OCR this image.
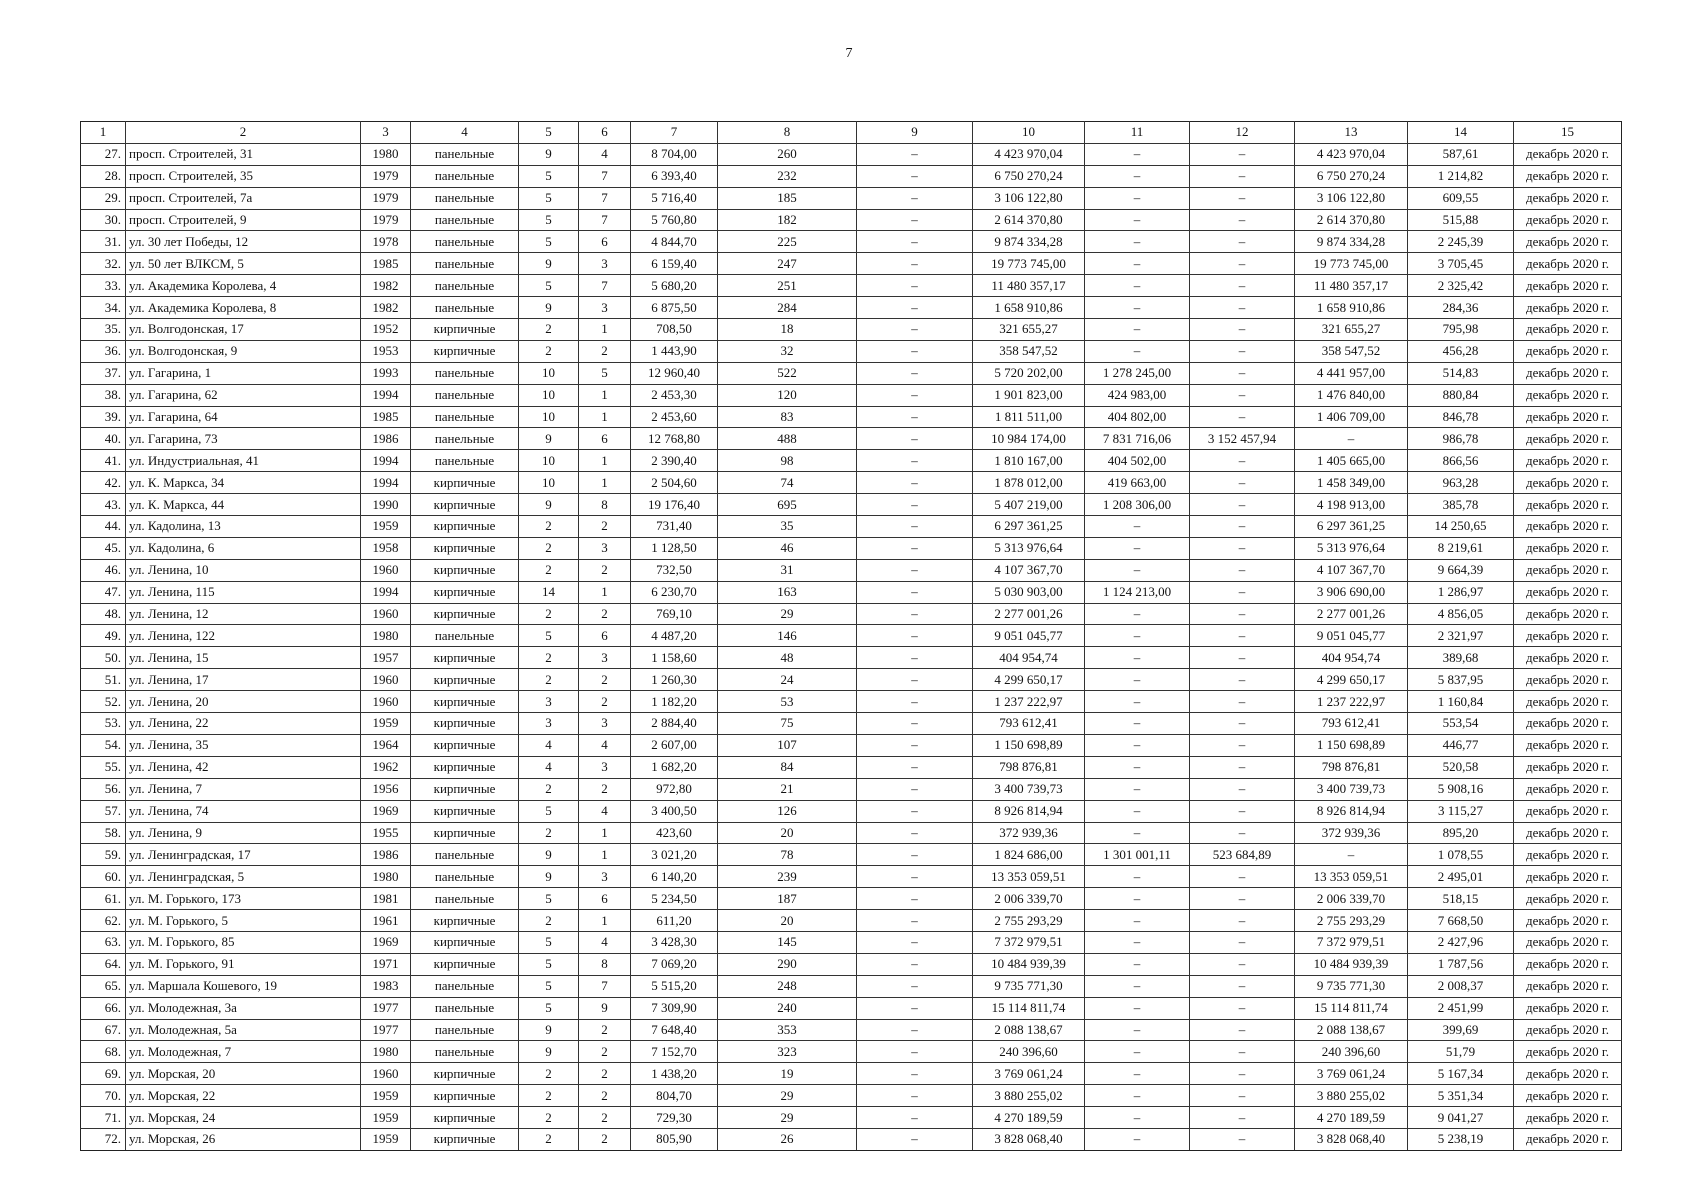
7
1	2	3	4	5	6	7	8	9	10	11	12	13	14	15
27.	просп. Строителей, 31	1980	панельные	9	4	8 704,00	260	–	4 423 970,04	–	–	4 423 970,04	587,61	декабрь 2020 г.
28.	просп. Строителей, 35	1979	панельные	5	7	6 393,40	232	–	6 750 270,24	–	–	6 750 270,24	1 214,82	декабрь 2020 г.
29.	просп. Строителей, 7а	1979	панельные	5	7	5 716,40	185	–	3 106 122,80	–	–	3 106 122,80	609,55	декабрь 2020 г.
30.	просп. Строителей, 9	1979	панельные	5	7	5 760,80	182	–	2 614 370,80	–	–	2 614 370,80	515,88	декабрь 2020 г.
31.	ул. 30 лет Победы, 12	1978	панельные	5	6	4 844,70	225	–	9 874 334,28	–	–	9 874 334,28	2 245,39	декабрь 2020 г.
32.	ул. 50 лет ВЛКСМ, 5	1985	панельные	9	3	6 159,40	247	–	19 773 745,00	–	–	19 773 745,00	3 705,45	декабрь 2020 г.
33.	ул. Академика Королева, 4	1982	панельные	5	7	5 680,20	251	–	11 480 357,17	–	–	11 480 357,17	2 325,42	декабрь 2020 г.
34.	ул. Академика Королева, 8	1982	панельные	9	3	6 875,50	284	–	1 658 910,86	–	–	1 658 910,86	284,36	декабрь 2020 г.
35.	ул. Волгодонская, 17	1952	кирпичные	2	1	708,50	18	–	321 655,27	–	–	321 655,27	795,98	декабрь 2020 г.
36.	ул. Волгодонская, 9	1953	кирпичные	2	2	1 443,90	32	–	358 547,52	–	–	358 547,52	456,28	декабрь 2020 г.
37.	ул. Гагарина, 1	1993	панельные	10	5	12 960,40	522	–	5 720 202,00	1 278 245,00	–	4 441 957,00	514,83	декабрь 2020 г.
38.	ул. Гагарина, 62	1994	панельные	10	1	2 453,30	120	–	1 901 823,00	424 983,00	–	1 476 840,00	880,84	декабрь 2020 г.
39.	ул. Гагарина, 64	1985	панельные	10	1	2 453,60	83	–	1 811 511,00	404 802,00	–	1 406 709,00	846,78	декабрь 2020 г.
40.	ул. Гагарина, 73	1986	панельные	9	6	12 768,80	488	–	10 984 174,00	7 831 716,06	3 152 457,94	–	986,78	декабрь 2020 г.
41.	ул. Индустриальная, 41	1994	панельные	10	1	2 390,40	98	–	1 810 167,00	404 502,00	–	1 405 665,00	866,56	декабрь 2020 г.
42.	ул. К. Маркса, 34	1994	кирпичные	10	1	2 504,60	74	–	1 878 012,00	419 663,00	–	1 458 349,00	963,28	декабрь 2020 г.
43.	ул. К. Маркса, 44	1990	кирпичные	9	8	19 176,40	695	–	5 407 219,00	1 208 306,00	–	4 198 913,00	385,78	декабрь 2020 г.
44.	ул. Кадолина, 13	1959	кирпичные	2	2	731,40	35	–	6 297 361,25	–	–	6 297 361,25	14 250,65	декабрь 2020 г.
45.	ул. Кадолина, 6	1958	кирпичные	2	3	1 128,50	46	–	5 313 976,64	–	–	5 313 976,64	8 219,61	декабрь 2020 г.
46.	ул. Ленина, 10	1960	кирпичные	2	2	732,50	31	–	4 107 367,70	–	–	4 107 367,70	9 664,39	декабрь 2020 г.
47.	ул. Ленина, 115	1994	кирпичные	14	1	6 230,70	163	–	5 030 903,00	1 124 213,00	–	3 906 690,00	1 286,97	декабрь 2020 г.
48.	ул. Ленина, 12	1960	кирпичные	2	2	769,10	29	–	2 277 001,26	–	–	2 277 001,26	4 856,05	декабрь 2020 г.
49.	ул. Ленина, 122	1980	панельные	5	6	4 487,20	146	–	9 051 045,77	–	–	9 051 045,77	2 321,97	декабрь 2020 г.
50.	ул. Ленина, 15	1957	кирпичные	2	3	1 158,60	48	–	404 954,74	–	–	404 954,74	389,68	декабрь 2020 г.
51.	ул. Ленина, 17	1960	кирпичные	2	2	1 260,30	24	–	4 299 650,17	–	–	4 299 650,17	5 837,95	декабрь 2020 г.
52.	ул. Ленина, 20	1960	кирпичные	3	2	1 182,20	53	–	1 237 222,97	–	–	1 237 222,97	1 160,84	декабрь 2020 г.
53.	ул. Ленина, 22	1959	кирпичные	3	3	2 884,40	75	–	793 612,41	–	–	793 612,41	553,54	декабрь 2020 г.
54.	ул. Ленина, 35	1964	кирпичные	4	4	2 607,00	107	–	1 150 698,89	–	–	1 150 698,89	446,77	декабрь 2020 г.
55.	ул. Ленина, 42	1962	кирпичные	4	3	1 682,20	84	–	798 876,81	–	–	798 876,81	520,58	декабрь 2020 г.
56.	ул. Ленина, 7	1956	кирпичные	2	2	972,80	21	–	3 400 739,73	–	–	3 400 739,73	5 908,16	декабрь 2020 г.
57.	ул. Ленина, 74	1969	кирпичные	5	4	3 400,50	126	–	8 926 814,94	–	–	8 926 814,94	3 115,27	декабрь 2020 г.
58.	ул. Ленина, 9	1955	кирпичные	2	1	423,60	20	–	372 939,36	–	–	372 939,36	895,20	декабрь 2020 г.
59.	ул. Ленинградская, 17	1986	панельные	9	1	3 021,20	78	–	1 824 686,00	1 301 001,11	523 684,89	–	1 078,55	декабрь 2020 г.
60.	ул. Ленинградская, 5	1980	панельные	9	3	6 140,20	239	–	13 353 059,51	–	–	13 353 059,51	2 495,01	декабрь 2020 г.
61.	ул. М. Горького, 173	1981	панельные	5	6	5 234,50	187	–	2 006 339,70	–	–	2 006 339,70	518,15	декабрь 2020 г.
62.	ул. М. Горького, 5	1961	кирпичные	2	1	611,20	20	–	2 755 293,29	–	–	2 755 293,29	7 668,50	декабрь 2020 г.
63.	ул. М. Горького, 85	1969	кирпичные	5	4	3 428,30	145	–	7 372 979,51	–	–	7 372 979,51	2 427,96	декабрь 2020 г.
64.	ул. М. Горького, 91	1971	кирпичные	5	8	7 069,20	290	–	10 484 939,39	–	–	10 484 939,39	1 787,56	декабрь 2020 г.
65.	ул. Маршала Кошевого, 19	1983	панельные	5	7	5 515,20	248	–	9 735 771,30	–	–	9 735 771,30	2 008,37	декабрь 2020 г.
66.	ул. Молодежная, 3а	1977	панельные	5	9	7 309,90	240	–	15 114 811,74	–	–	15 114 811,74	2 451,99	декабрь 2020 г.
67.	ул. Молодежная, 5а	1977	панельные	9	2	7 648,40	353	–	2 088 138,67	–	–	2 088 138,67	399,69	декабрь 2020 г.
68.	ул. Молодежная, 7	1980	панельные	9	2	7 152,70	323	–	240 396,60	–	–	240 396,60	51,79	декабрь 2020 г.
69.	ул. Морская, 20	1960	кирпичные	2	2	1 438,20	19	–	3 769 061,24	–	–	3 769 061,24	5 167,34	декабрь 2020 г.
70.	ул. Морская, 22	1959	кирпичные	2	2	804,70	29	–	3 880 255,02	–	–	3 880 255,02	5 351,34	декабрь 2020 г.
71.	ул. Морская, 24	1959	кирпичные	2	2	729,30	29	–	4 270 189,59	–	–	4 270 189,59	9 041,27	декабрь 2020 г.
72.	ул. Морская, 26	1959	кирпичные	2	2	805,90	26	–	3 828 068,40	–	–	3 828 068,40	5 238,19	декабрь 2020 г.
